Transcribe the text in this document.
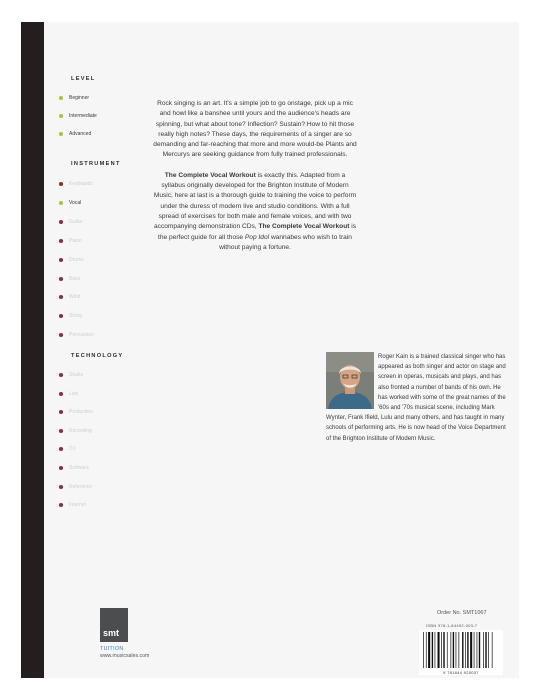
LEVEL
Beginner
Intermediate
Advanced
INSTRUMENT
Keyboards
Vocal
Guitar
Piano
Drums
Bass
Wind
String
Percussion
TECHNOLOGY
Studio
Live
Production
Recording
DJ
Software
Reference
Internet

Rock singing is an art. It's a simple job to go onstage, pick up a mic and howl like a banshee until yours and the audience's heads are spinning, but what about tone? Inflection? Sustain? How to hit those really high notes? These days, the requirements of a singer are so demanding and far-reaching that more and more would-be Plants and Mercurys are seeking guidance from fully trained professionals.

The Complete Vocal Workout is exactly this. Adapted from a syllabus originally developed for the Brighton Institute of Modern Music, here at last is a thorough guide to training the voice to perform under the duress of modern live and studio conditions. With a full spread of exercises for both male and female voices, and with two accompanying demonstration CDs, The Complete Vocal Workout is the perfect guide for all those Pop Idol wannabes who wish to train without paying a fortune.

Roger Kain is a trained classical singer who has appeared as both singer and actor on stage and screen in operas, musicals and plays, and has also fronted a number of bands of his own. He has worked with some of the great names of the '60s and '70s musical scene, including Mark Wynter, Frank Ifield, Lulu and many others, and has taught in many schools of performing arts. He is now head of the Voice Department of the Brighton Institute of Modern Music.
smt
TUITION
www.musicsales.com
Order No. SMT1067
ISBN 978-1-84492-003-7
9 781844 920037
